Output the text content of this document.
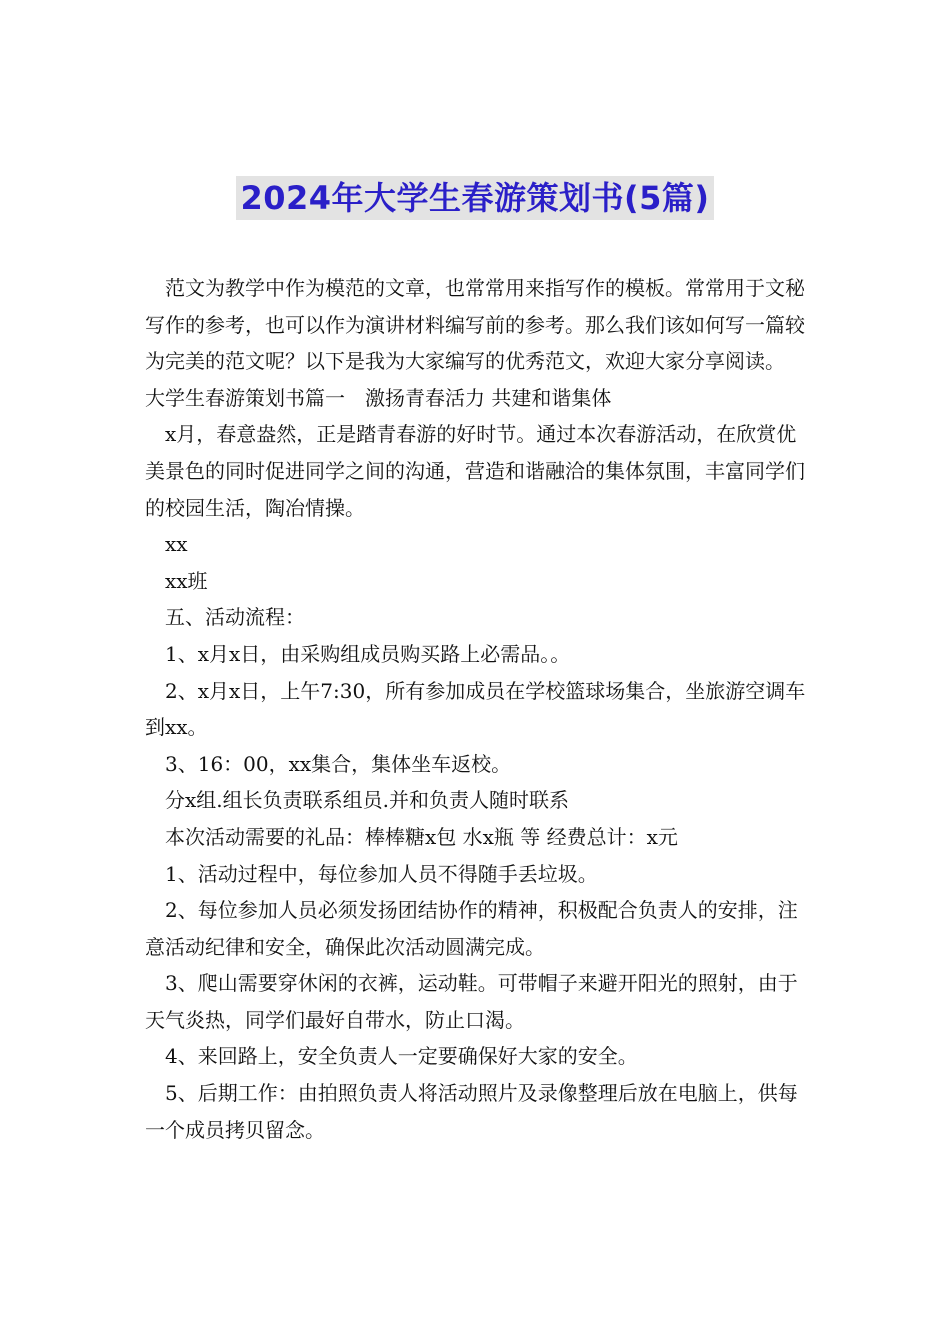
2024年大学生春游策划书(5篇)

　范文为教学中作为模范的文章，也常常用来指写作的模板。常常用于文秘写作的参考，也可以作为演讲材料编写前的参考。那么我们该如何写一篇较为完美的范文呢？以下是我为大家编写的优秀范文，欢迎大家分享阅读。

大学生春游策划书篇一　激扬青春活力 共建和谐集体

　x月，春意盎然，正是踏青春游的好时节。通过本次春游活动，在欣赏优美景色的同时促进同学之间的沟通，营造和谐融洽的集体氛围，丰富同学们的校园生活，陶冶情操。

　xx

　xx班

　五、活动流程：

　1、x月x日，由采购组成员购买路上必需品。。

　2、x月x日，上午7:30，所有参加成员在学校篮球场集合，坐旅游空调车到xx。

　3、16：00，xx集合，集体坐车返校。

　分x组.组长负责联系组员.并和负责人随时联系

　本次活动需要的礼品：棒棒糖x包 水x瓶 等 经费总计：x元

　1、活动过程中，每位参加人员不得随手丢垃圾。

　2、每位参加人员必须发扬团结协作的精神，积极配合负责人的安排，注意活动纪律和安全，确保此次活动圆满完成。

　3、爬山需要穿休闲的衣裤，运动鞋。可带帽子来避开阳光的照射，由于天气炎热，同学们最好自带水，防止口渴。

　4、来回路上，安全负责人一定要确保好大家的安全。

　5、后期工作：由拍照负责人将活动照片及录像整理后放在电脑上，供每一个成员拷贝留念。
